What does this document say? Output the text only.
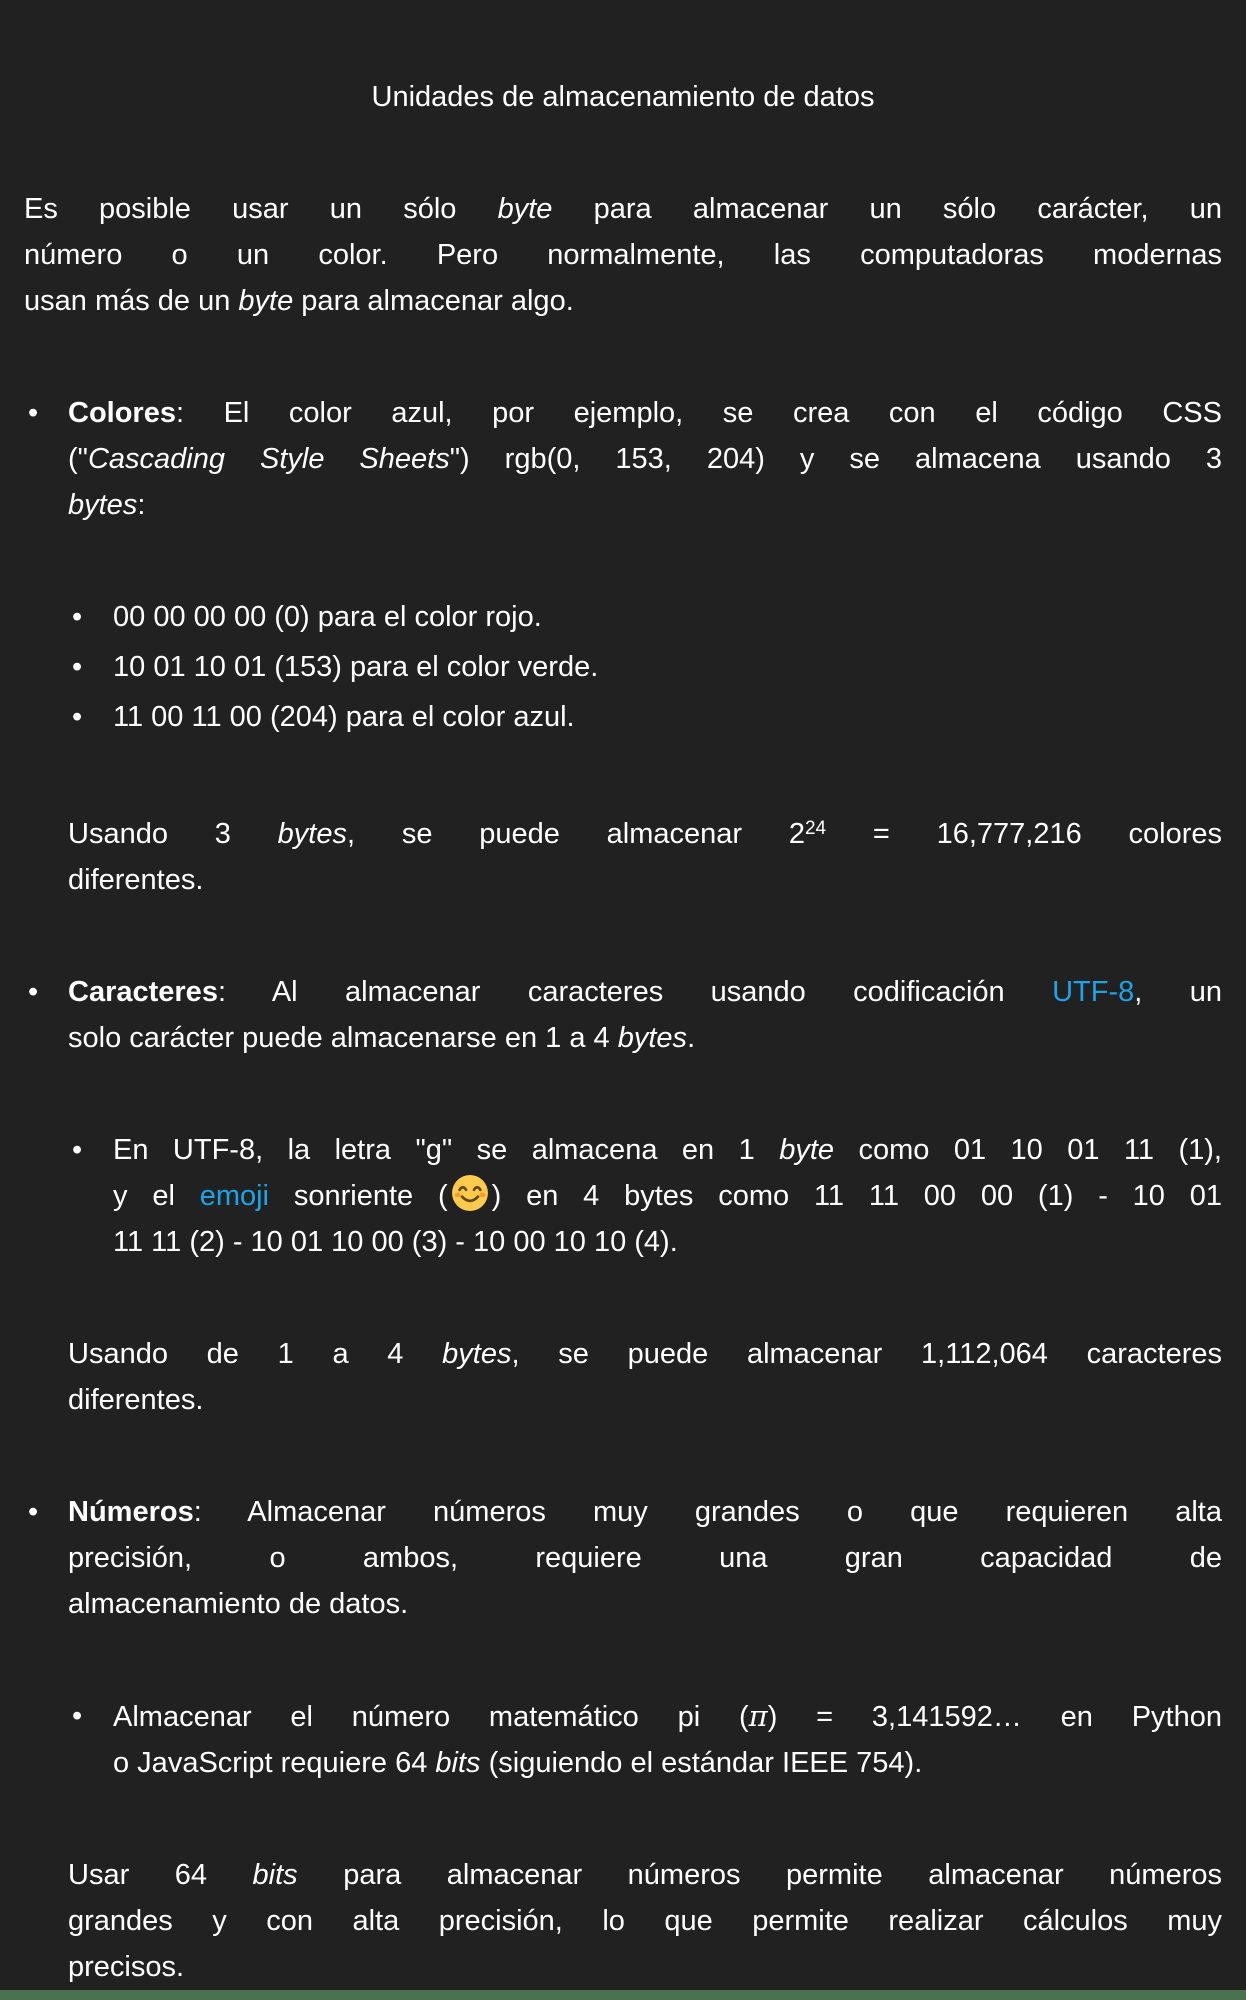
Unidades de almacenamiento de datos
Es posible usar un sólo byte para almacenar un sólo carácter, un
número o un color. Pero normalmente, las computadoras modernas
usan más de un byte para almacenar algo.
• Colores: El color azul, por ejemplo, se crea con el código CSS
("Cascading Style Sheets") rgb(0, 153, 204) y se almacena usando 3
bytes:
• 00 00 00 00 (0) para el color rojo.
• 10 01 10 01 (153) para el color verde.
• 11 00 11 00 (204) para el color azul.
Usando 3 bytes, se puede almacenar $2^{24} = 16,777,216$ colores
diferentes.
• Caracteres: Al almacenar caracteres usando codificación UTF-8, un
solo carácter puede almacenarse en 1 a 4 bytes.
• En UTF-8, la letra "g" se almacena en 1 byte como 01 10 01 11 (1),
y el emoji sonriente ( ) en 4 bytes como 11 11 00 00 (1) - 10 01
11 11 (2) - 10 01 10 00 (3) - 10 00 10 10 (4).
Usando de 1 a 4 bytes, se puede almacenar 1,112,064 caracteres
diferentes.
• Números: Almacenar números muy grandes o que requieren alta
precisión, o ambos, requiere una gran capacidad de
almacenamiento de datos.
• Almacenar el número matemático pi (π) = 3,141592… en Python
o JavaScript requiere 64 bits (siguiendo el estándar IEEE 754).
Usar 64 bits para almacenar números permite almacenar números
grandes y con alta precisión, lo que permite realizar cálculos muy
precisos.
